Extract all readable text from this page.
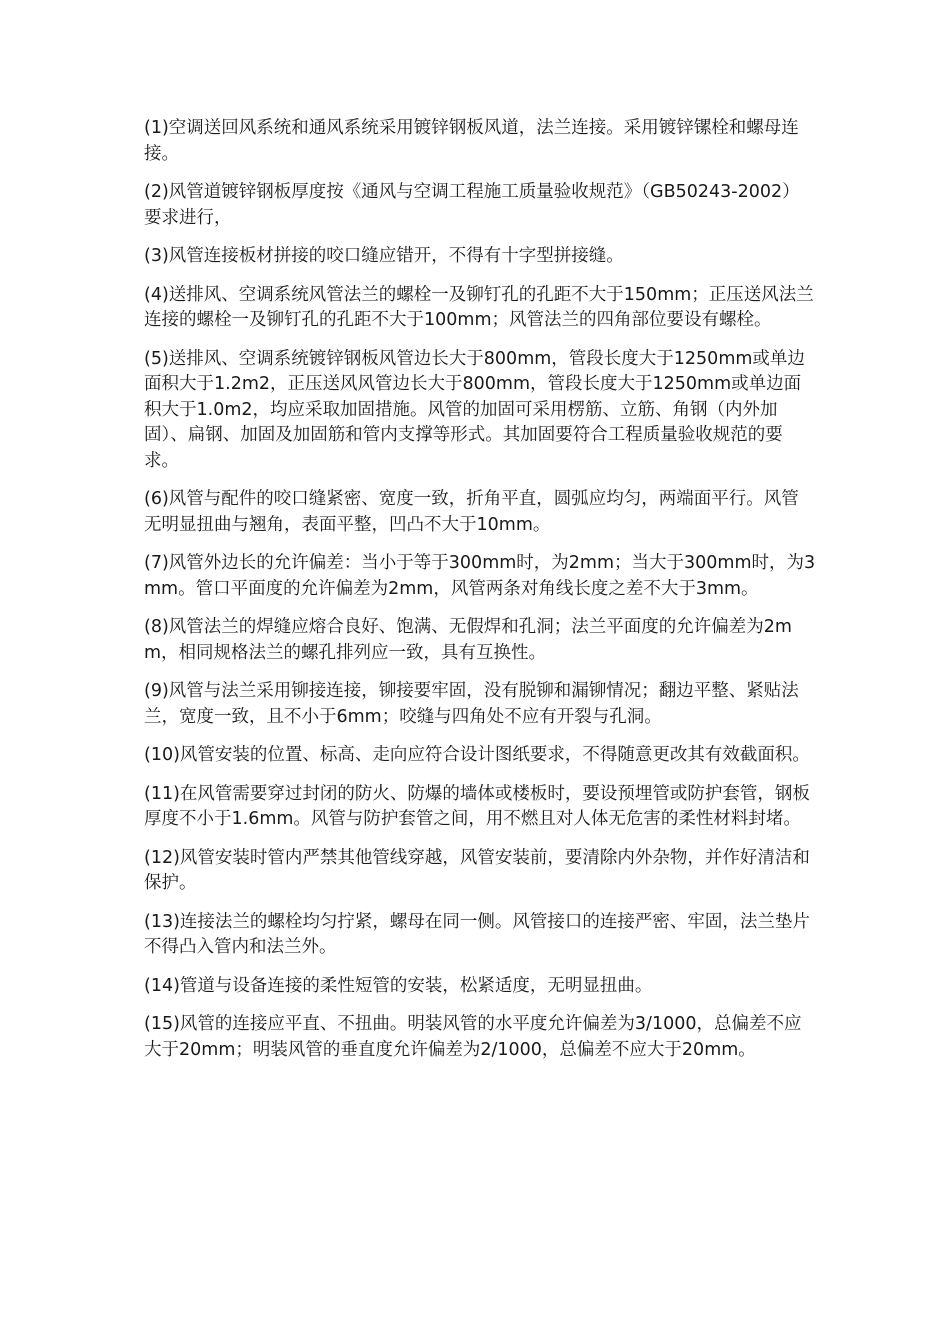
(1)空调送回风系统和通风系统采用镀锌钢板风道，法兰连接。采用镀锌镙栓和螺母连接。

(2)风管道镀锌钢板厚度按《通风与空调工程施工质量验收规范》（GB50243-2002）要求进行，

(3)风管连接板材拼接的咬口缝应错开，不得有十字型拼接缝。

(4)送排风、空调系统风管法兰的螺栓一及铆钉孔的孔距不大于150mm；正压送风法兰连接的螺栓一及铆钉孔的孔距不大于100mm；风管法兰的四角部位要设有螺栓。

(5)送排风、空调系统镀锌钢板风管边长大于800mm，管段长度大于1250mm或单边面积大于1.2m2，正压送风风管边长大于800mm，管段长度大于1250mm或单边面积大于1.0m2，均应采取加固措施。风管的加固可采用楞筋、立筋、角钢（内外加固）、扁钢、加固及加固筋和管内支撑等形式。其加固要符合工程质量验收规范的要求。

(6)风管与配件的咬口缝紧密、宽度一致，折角平直，圆弧应均匀，两端面平行。风管无明显扭曲与翘角，表面平整，凹凸不大于10mm。

(7)风管外边长的允许偏差：当小于等于300mm时，为2mm；当大于300mm时，为3mm。管口平面度的允许偏差为2mm，风管两条对角线长度之差不大于3mm。

(8)风管法兰的焊缝应熔合良好、饱满、无假焊和孔洞；法兰平面度的允许偏差为2mm，相同规格法兰的螺孔排列应一致，具有互换性。

(9)风管与法兰采用铆接连接，铆接要牢固，没有脱铆和漏铆情况；翻边平整、紧贴法兰，宽度一致，且不小于6mm；咬缝与四角处不应有开裂与孔洞。

(10)风管安装的位置、标高、走向应符合设计图纸要求，不得随意更改其有效截面积。

(11)在风管需要穿过封闭的防火、防爆的墙体或楼板时，要设预埋管或防护套管，钢板厚度不小于1.6mm。风管与防护套管之间，用不燃且对人体无危害的柔性材料封堵。

(12)风管安装时管内严禁其他管线穿越，风管安装前，要清除内外杂物，并作好清洁和保护。

(13)连接法兰的螺栓均匀拧紧，螺母在同一侧。风管接口的连接严密、牢固，法兰垫片不得凸入管内和法兰外。

(14)管道与设备连接的柔性短管的安装，松紧适度，无明显扭曲。

(15)风管的连接应平直、不扭曲。明装风管的水平度允许偏差为3/1000，总偏差不应大于20mm；明装风管的垂直度允许偏差为2/1000，总偏差不应大于20mm。
